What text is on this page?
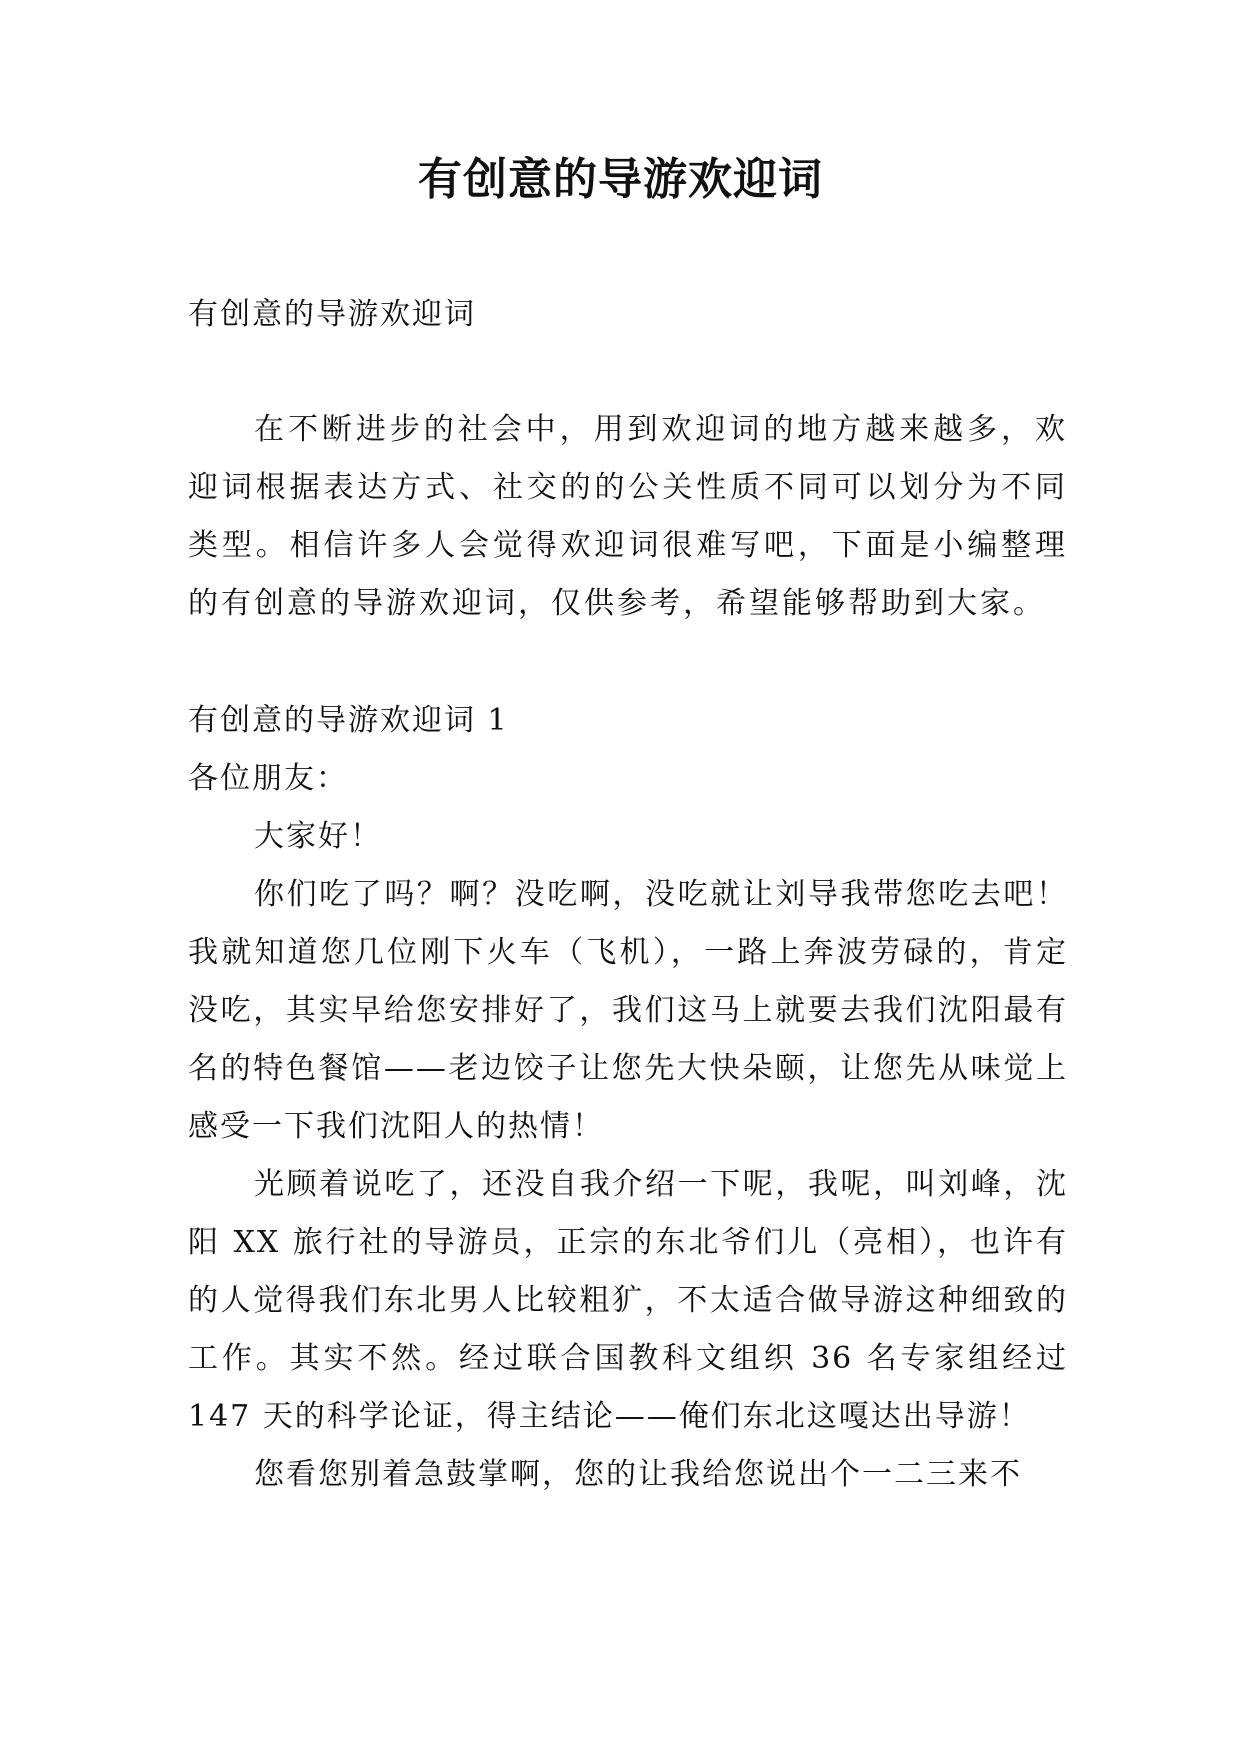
有创意的导游欢迎词

有创意的导游欢迎词

在不断进步的社会中，用到欢迎词的地方越来越多，欢迎词根据表达方式、社交的的公关性质不同可以划分为不同类型。相信许多人会觉得欢迎词很难写吧，下面是小编整理的有创意的导游欢迎词，仅供参考，希望能够帮助到大家。

有创意的导游欢迎词 1

各位朋友：

大家好！

你们吃了吗？啊？没吃啊，没吃就让刘导我带您吃去吧！我就知道您几位刚下火车（飞机），一路上奔波劳碌的，肯定没吃，其实早给您安排好了，我们这马上就要去我们沈阳最有名的特色餐馆——老边饺子让您先大快朵颐，让您先从味觉上感受一下我们沈阳人的热情！

光顾着说吃了，还没自我介绍一下呢，我呢，叫刘峰，沈阳 XX 旅行社的导游员，正宗的东北爷们儿（亮相），也许有的人觉得我们东北男人比较粗犷，不太适合做导游这种细致的工作。其实不然。经过联合国教科文组织 36 名专家组经过 147 天的科学论证，得主结论——俺们东北这嘎达出导游！

您看您别着急鼓掌啊，您的让我给您说出个一二三来不
